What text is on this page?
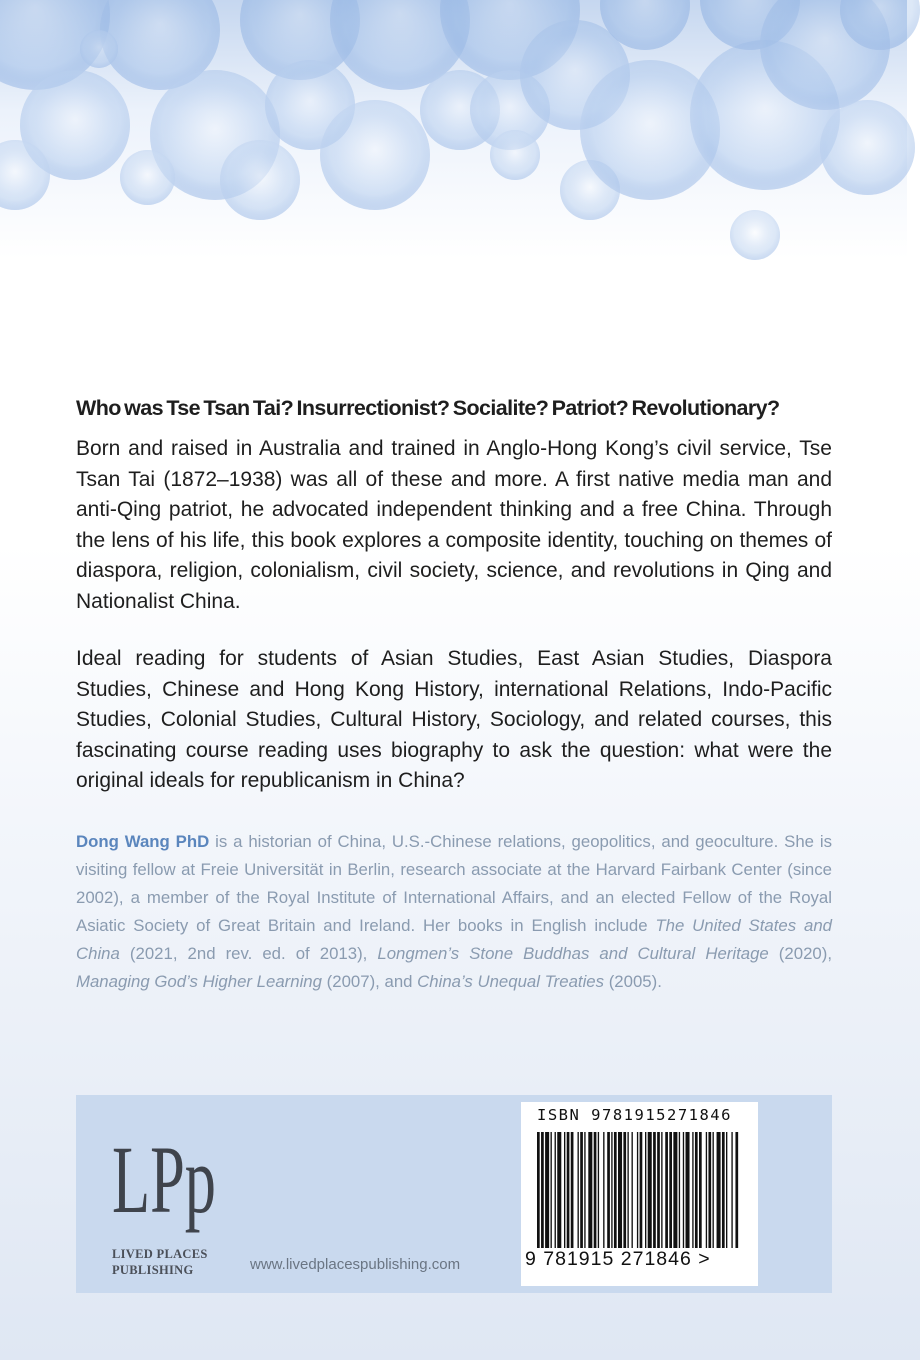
Who was Tse Tsan Tai? Insurrectionist? Socialite? Patriot? Revolutionary?

Born and raised in Australia and trained in Anglo-Hong Kong’s civil service, Tse Tsan Tai (1872–1938) was all of these and more. A first native media man and anti-Qing patriot, he advocated independent thinking and a free China. Through the lens of his life, this book explores a composite identity, touching on themes of diaspora, religion, colonialism, civil society, science, and revolutions in Qing and Nationalist China.

Ideal reading for students of Asian Studies, East Asian Studies, Diaspora Studies, Chinese and Hong Kong History, international Relations, Indo-Pacific Studies, Colonial Studies, Cultural History, Sociology, and related courses, this fascinating course reading uses biography to ask the question: what were the original ideals for republicanism in China?

Dong Wang PhD is a historian of China, U.S.-Chinese relations, geopolitics, and geoculture. She is visiting fellow at Freie Universität in Berlin, research associate at the Harvard Fairbank Center (since 2002), a member of the Royal Institute of International Affairs, and an elected Fellow of the Royal Asiatic Society of Great Britain and Ireland. Her books in English include The United States and China (2021, 2nd rev. ed. of 2013), Longmen’s Stone Buddhas and Cultural Heritage (2020), Managing God’s Higher Learning (2007), and China’s Unequal Treaties (2005).

LPp
LIVED PLACES
PUBLISHING	www.livedplacespublishing.com
ISBN 9781915271846
9 781915 271846 >
